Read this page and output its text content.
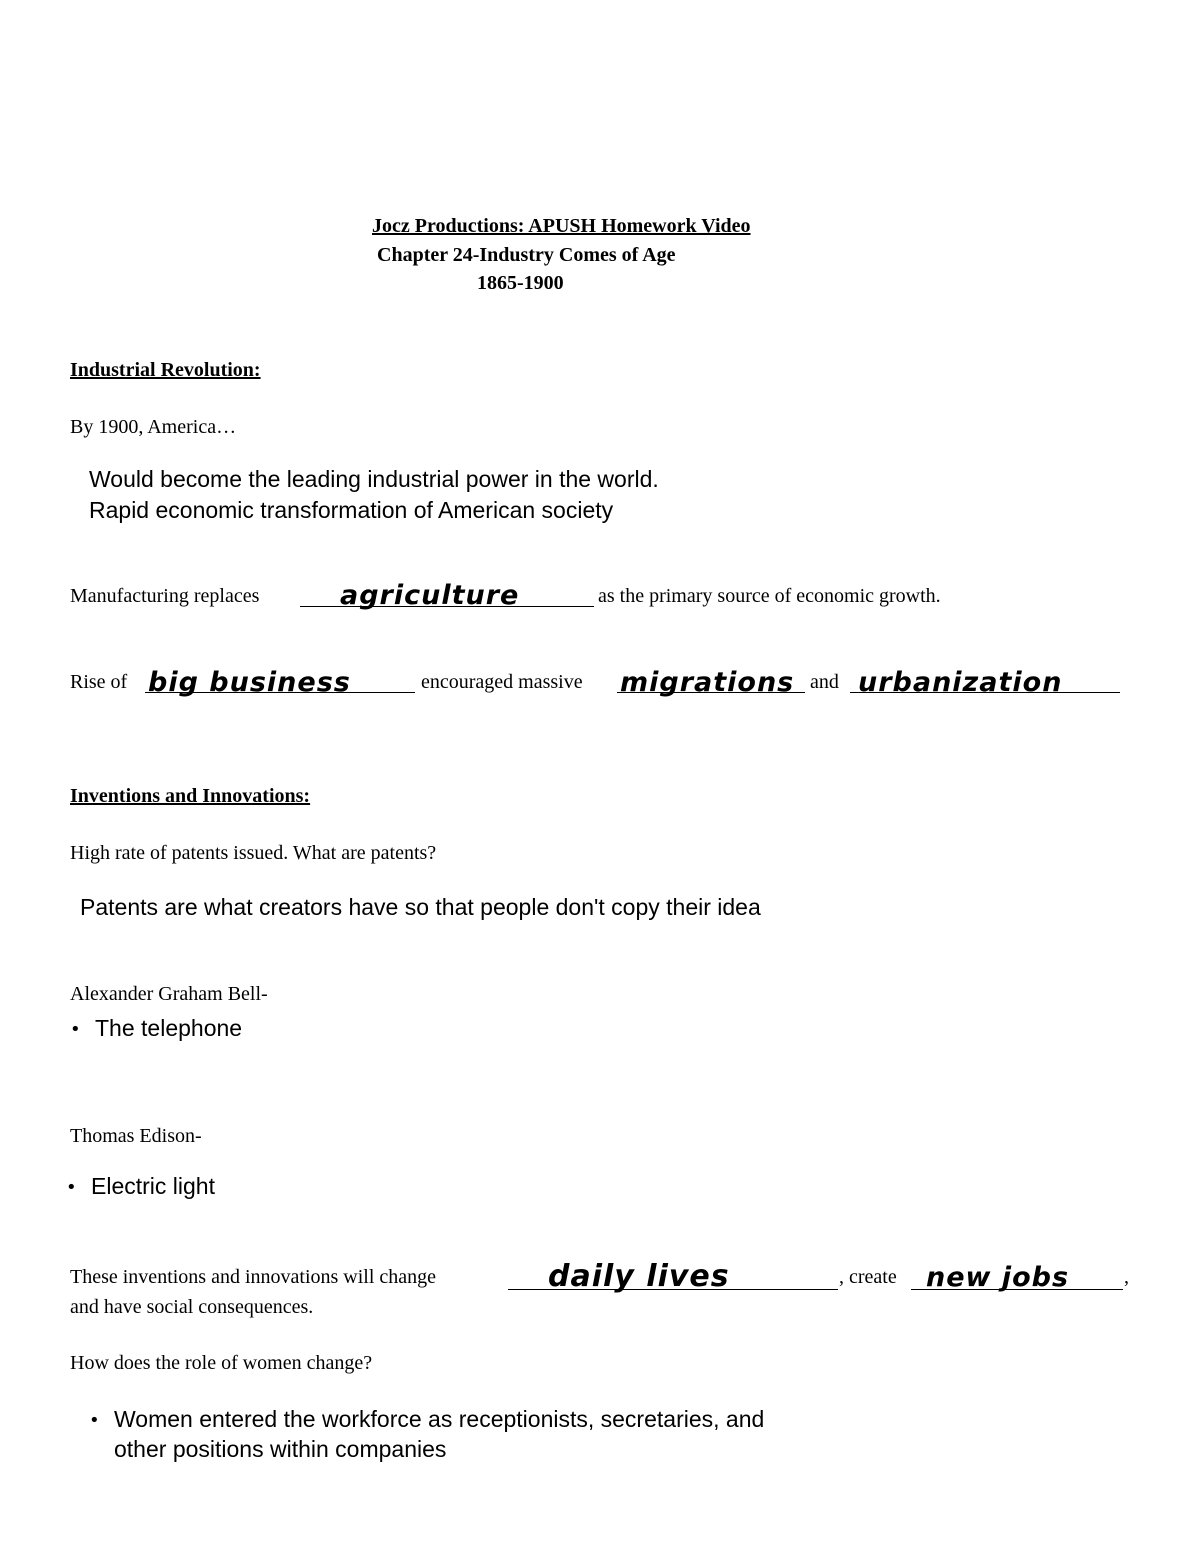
Jocz Productions: APUSH Homework Video
Chapter 24-Industry Comes of Age
1865-1900
Industrial Revolution:
By 1900, America…
Would become the leading industrial power in the world.
Rapid economic transformation of American society
Manufacturing replaces	agriculture	as the primary source of economic growth.
Rise of big business	encouraged massive migrations and urbanization
Inventions and Innovations:
High rate of patents issued. What are patents?
Patents are what creators have so that people don't copy their idea
Alexander Graham Bell-
• The telephone
Thomas Edison-
• Electric light
These inventions and innovations will change	daily lives	, create new jobs	,
and have social consequences.
How does the role of women change?
• Women entered the workforce as receptionists, secretaries, and
other positions within companies
